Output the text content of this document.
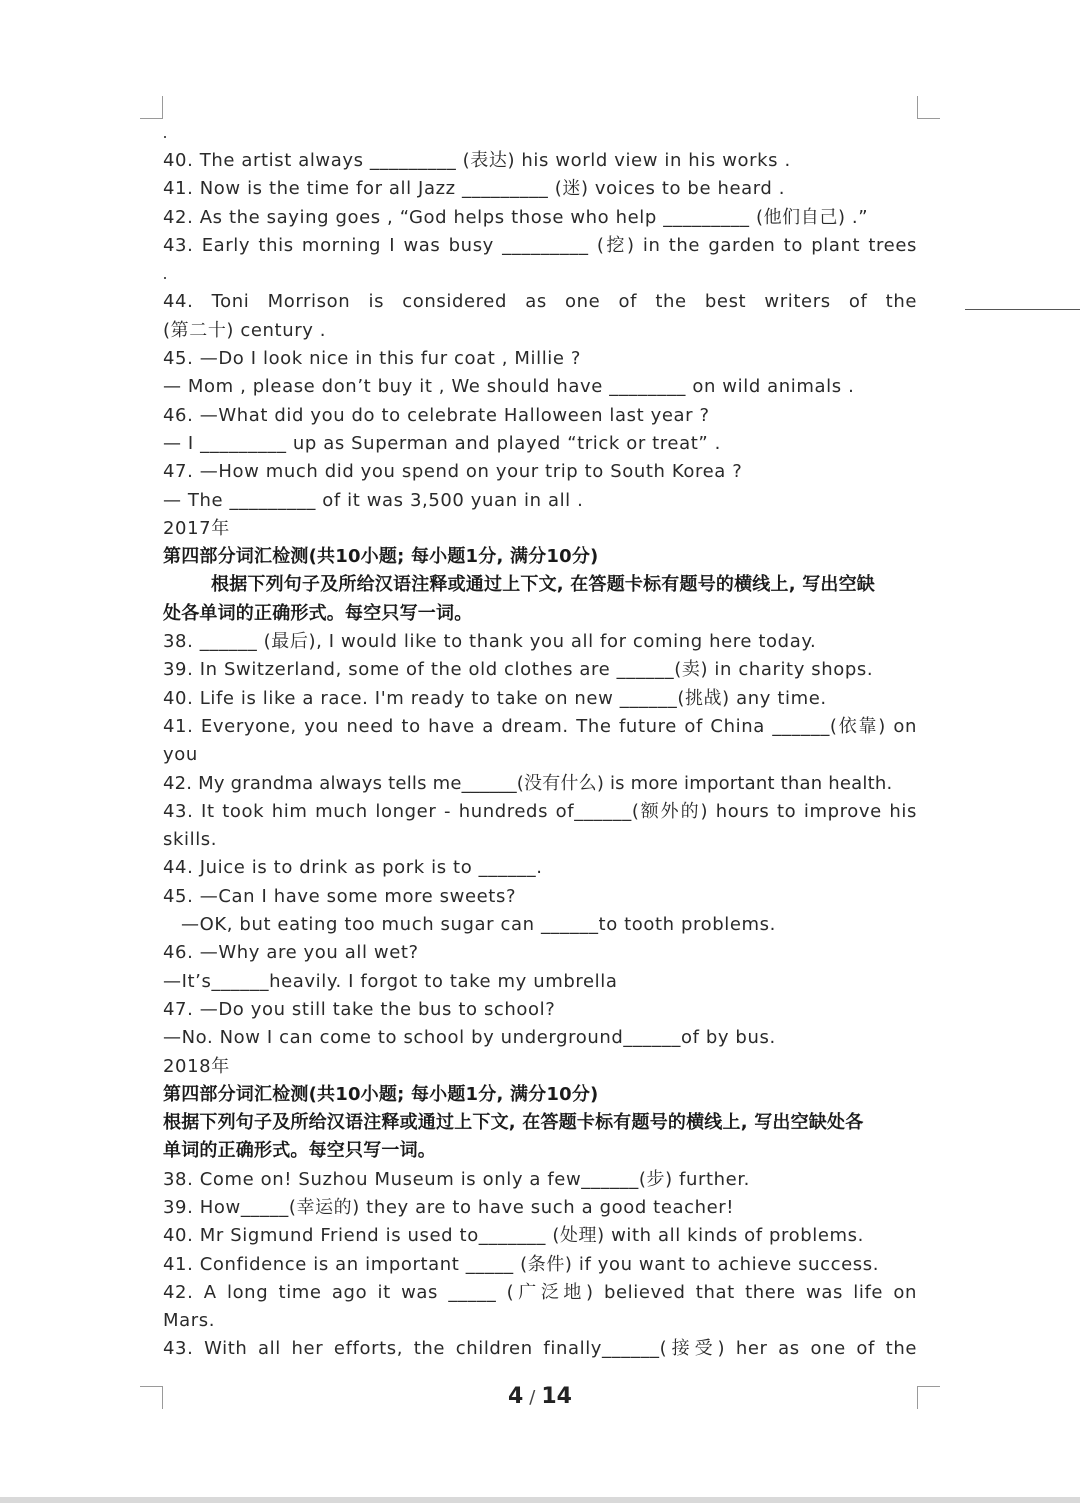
40. The artist always _________ (表达) his world view in his works .
41. Now is the time for all Jazz _________ (迷) voices to be heard .
42. As the saying goes , “God helps those who help _________ (他们自己) .”
43. Early this morning I was busy _________ (挖) in the garden to plant trees
44. Toni Morrison is considered as one of the best writers of the
(第二十) century .
45. —Do I look nice in this fur coat , Millie ?
— Mom , please don’t buy it , We should have ________ on wild animals .
46. —What did you do to celebrate Halloween last year ?
— I _________ up as Superman and played “trick or treat” .
47. —How much did you spend on your trip to South Korea ?
— The _________ of it was 3,500 yuan in all .
2017年
第四部分词汇检测(共10小题; 每小题1分, 满分10分)
根据下列句子及所给汉语注释或通过上下文, 在答题卡标有题号的横线上, 写出空缺
处各单词的正确形式。每空只写一词。
38. ______ (最后), I would like to thank you all for coming here today.
39. In Switzerland, some of the old clothes are ______(卖) in charity shops.
40. Life is like a race. I'm ready to take on new ______(挑战) any time.
41. Everyone, you need to have a dream. The future of China ______(依靠) on
you
42. My grandma always tells me______(没有什么) is more important than health.
43. It took him much longer - hundreds of______(额外的) hours to improve his
skills.
44. Juice is to drink as pork is to ______.
45. —Can I have some more sweets?
—OK, but eating too much sugar can ______to tooth problems.
46. —Why are you all wet?
—It’s______heavily. I forgot to take my umbrella
47. —Do you still take the bus to school?
—No. Now I can come to school by underground______of by bus.
2018年
第四部分词汇检测(共10小题; 每小题1分, 满分10分)
根据下列句子及所给汉语注释或通过上下文, 在答题卡标有题号的横线上, 写出空缺处各
单词的正确形式。每空只写一词。
38. Come on! Suzhou Museum is only a few______(步) further.
39. How_____(幸运的) they are to have such a good teacher!
40. Mr Sigmund Friend is used to_______ (处理) with all kinds of problems.
41. Confidence is an important _____ (条件) if you want to achieve success.
42. A long time ago it was _____ (广泛地) believed that there was life on
Mars.
43. With all her efforts, the children finally______(接受) her as one of the
4 / 14
